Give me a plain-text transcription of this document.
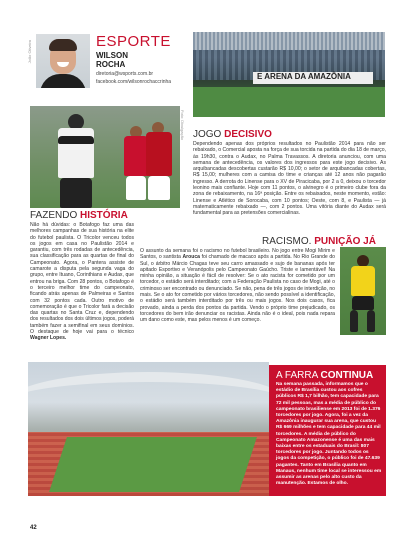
João Oliveira	ESPORTE
WILSON
ROCHA
diretoria@wsports.com.br
facebook.com/wilsonrochaccrinha
E ARENA DA AMAZÔNIA
Foto: Divulgação JOGO DECISIVO
Dependendo apenas dos próprios resultados no Paulistão 2014 para não ser rebaixado, o Comercial aposta na força de sua torcida na partida do dia 18 de março, às 19h30, contra o Audax, no Palma Travassos. A diretoria anunciou, com uma semana de antecedência, os valores dos ingressos para este jogo decisivo. As arquibancadas descobertas custarão R$ 10,00; o setor de arquibancadas cobertas, R$ 15,00; mulheres com a camisa do time e crianças até 12 anos não pagarão ingresso. A derrota do Linense para o XV de Piracicaba, por 2 a 0, deixou o torcedor leonino mais confiante. Hoje com 11 pontos, o alvinegro é o primeiro clube fora da zona de rebaixamento, na 16ª posição. Entre os rebaixados, neste momento, estão: Linense e Atlético de Sorocaba, com 10 pontos; Oeste, com 8, e Paulista — já matematicamente rebaixado —, com 2 pontos. Uma vitória diante do Audax será fundamental para as pretensões comercialinas.
FAZENDO HISTÓRIA
Não há dúvidas: o Botafogo faz uma das melhores campanhas de sua história na elite do futebol paulista. O Tricolor venceu todos os jogos em casa no Paulistão 2014 e garantiu, com três rodadas de antecedência, sua classificação para as quartas de final do Campeonato. Agora, o Pantera assiste de camarote a disputa pela segunda vaga do grupo, entre Ituano, Corinthians e Audax, que entrou na briga. Com 28 pontos, o Botafogo é o terceiro melhor time do campeonato, ficando atrás apenas de Palmeiras e Santos com 32 pontos cada. Outro motivo de comemoração é que o Tricolor fará a decisão das quartas no Santa Cruz e, dependendo dos resultados dos dois últimos jogos, poderá também fazer a semifinal em seus domínios. O destaque de hoje vai para o técnico Wagner Lopes.
RACISMO. PUNIÇÃO JÁ
O assunto da semana foi o racismo no futebol brasileiro. No jogo entre Mogi Mirim e Santos, o santista Arouca foi chamado de macaco após a partida. No Rio Grande do Sul, o árbitro Márcio Chagas teve seu carro amassado e sujo de bananas após ter apitado Esportivo e Veranópolis pelo Campeonato Gaúcho. Triste e lamentável! Na minha opinião, a situação é fácil de resolver: Se o ato racista for cometido por um torcedor, o estádio será interditado; com a Federação Paulista no caso de Mogi, até o criminoso ser encontrado ou denunciado. Se não, pena de três jogos de interdição, no mais. Se o ato for cometido por vários torcedores, não sendo possível a identificação, o estádio será também interditado por três ou mais jogos. Nos dois casos, fica provado, ainda a perda dos pontos da partida. Vendo o próprio time prejudicado, os torcedores do bem irão denunciar os racistas. Ainda não é o ideal, pois nada repara um dano como este, mas pelos menos é um começo.
A FARRA CONTINUA
Na semana passada, informamos que o estádio de Brasília custou aos cofres públicos R$ 1,7 bilhão, tem capacidade para 72 mil pessoas, mas a média de público do campeonato brasiliense em 2013 foi de 1.376 torcedores por jogo. Agora, foi a vez da Amazônia inaugurar sua arena, que custou R$ 669 milhões e tem capacidade para 44 mil torcedores. A média de público do Campeonato Amazonense é uma das mais baixas entre os estaduais do Brasil: 807 torcedores por jogo. Juntando todos os jogos da competição, o público foi de 47.639 pagantes. Tanto em Brasília quanto em Manaus, nenhum time local se interessou em assumir as arenas pelo alto custo da manutenção. Estamos de olho.
42
